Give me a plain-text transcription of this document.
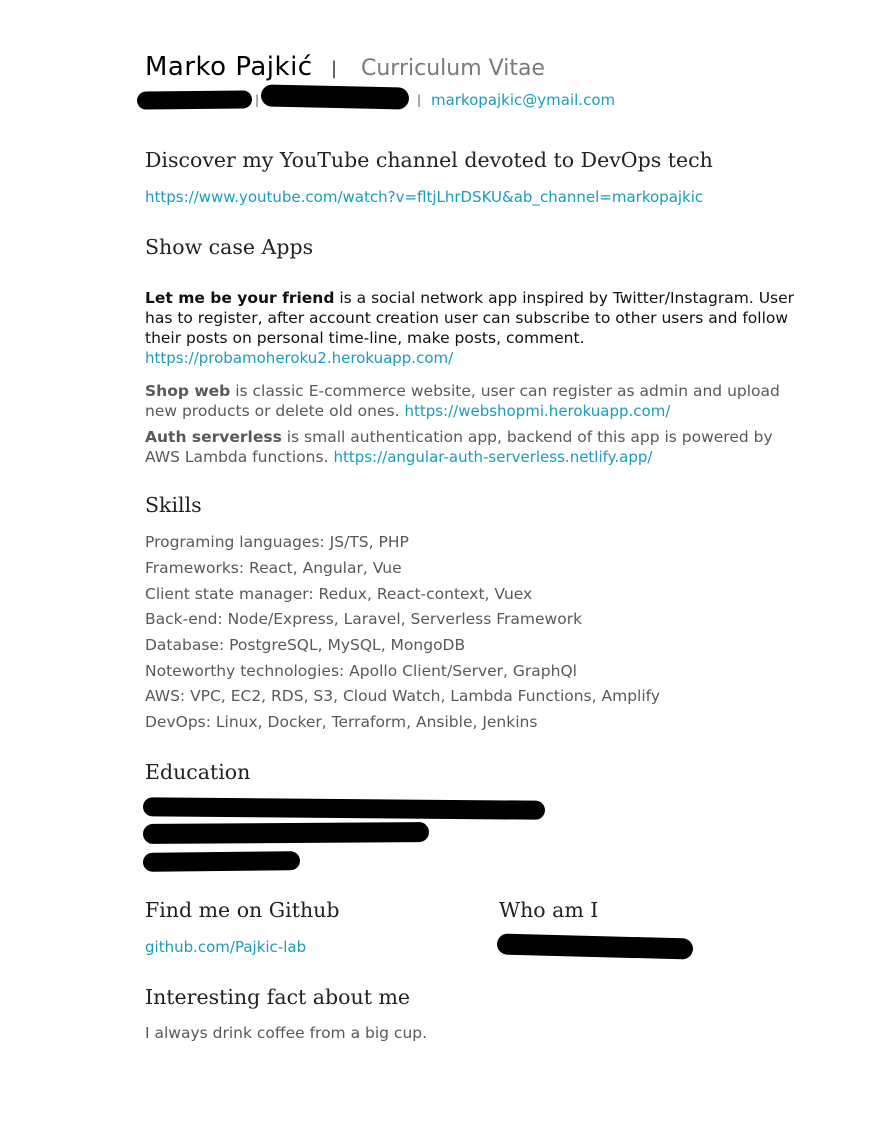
Marko Pajkić | Curriculum Vitae
|	| markopajkic@ymail.com
Discover my YouTube channel devoted to DevOps tech
https://www.youtube.com/watch?v=fltjLhrDSKU&ab_channel=markopajkic
Show case Apps
Let me be your friend is a social network app inspired by Twitter/Instagram. User has to register, after account creation user can subscribe to other users and follow their posts on personal time-line, make posts, comment.
https://probamoheroku2.herokuapp.com/
Shop web is classic E-commerce website, user can register as admin and upload new products or delete old ones. https://webshopmi.herokuapp.com/
Auth serverless is small authentication app, backend of this app is powered by AWS Lambda functions. https://angular-auth-serverless.netlify.app/
Skills
Programing languages: JS/TS, PHP
Frameworks: React, Angular, Vue
Client state manager: Redux, React-context, Vuex
Back-end: Node/Express, Laravel, Serverless Framework
Database: PostgreSQL, MySQL, MongoDB
Noteworthy technologies: Apollo Client/Server, GraphQl
AWS: VPC, EC2, RDS, S3, Cloud Watch, Lambda Functions, Amplify
DevOps: Linux, Docker, Terraform, Ansible, Jenkins
Education
Find me on Github
github.com/Pajkic-lab
Who am I
Interesting fact about me
I always drink coffee from a big cup.
